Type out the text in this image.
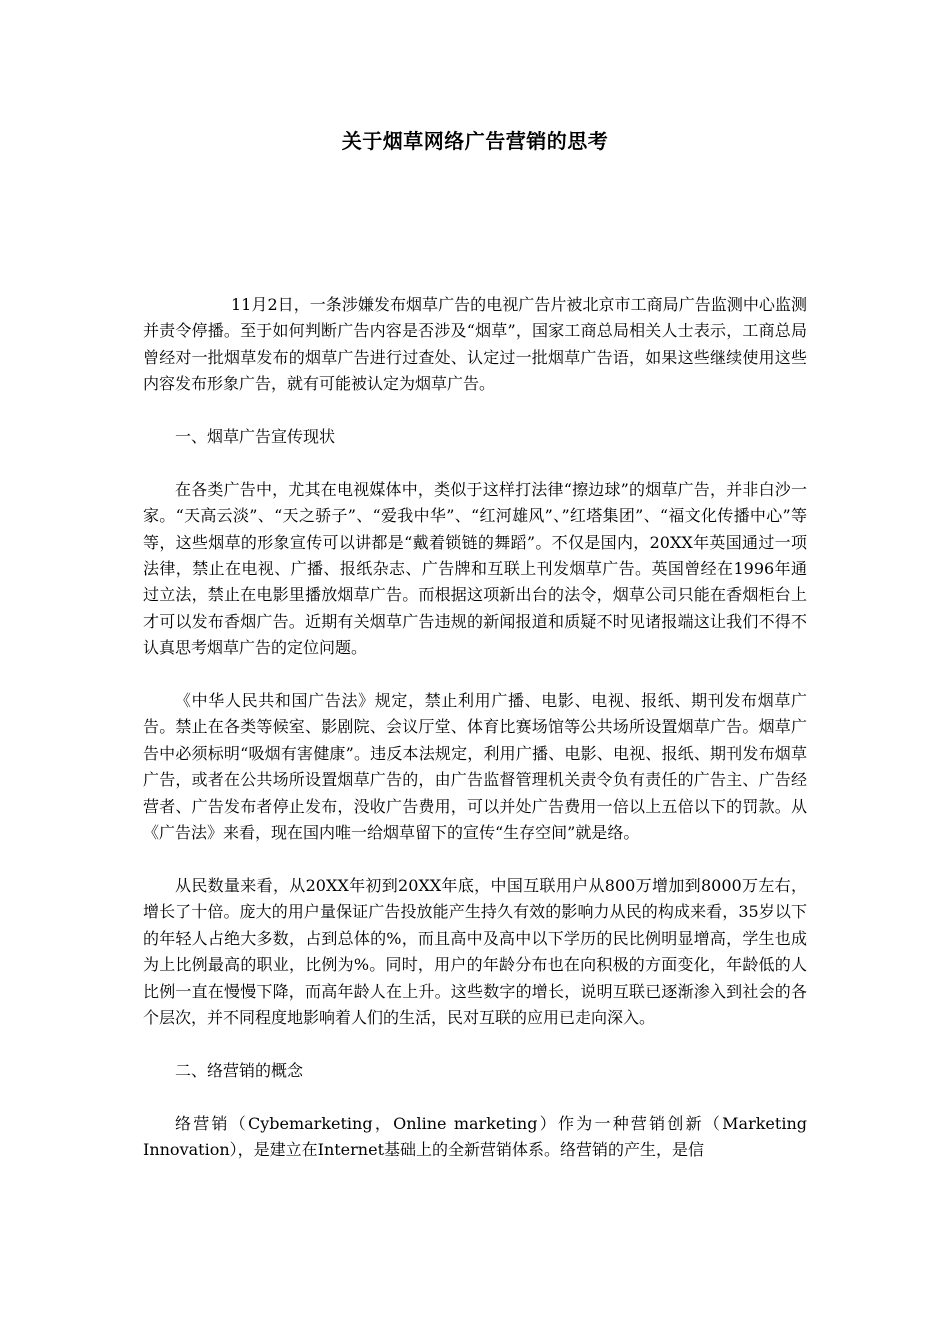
关于烟草网络广告营销的思考

11月2日，一条涉嫌发布烟草广告的电视广告片被北京市工商局广告监测中心监测并责令停播。至于如何判断广告内容是否涉及“烟草”，国家工商总局相关人士表示，工商总局曾经对一批烟草发布的烟草广告进行过查处、认定过一批烟草广告语，如果这些继续使用这些内容发布形象广告，就有可能被认定为烟草广告。

一、烟草广告宣传现状

在各类广告中，尤其在电视媒体中，类似于这样打法律“擦边球”的烟草广告，并非白沙一家。“天高云淡”、“天之骄子”、“爱我中华”、“红河雄风”、”红塔集团”、“福文化传播中心”等等，这些烟草的形象宣传可以讲都是“戴着锁链的舞蹈”。不仅是国内，20XX年英国通过一项法律，禁止在电视、广播、报纸杂志、广告牌和互联上刊发烟草广告。英国曾经在1996年通过立法，禁止在电影里播放烟草广告。而根据这项新出台的法令，烟草公司只能在香烟柜台上才可以发布香烟广告。近期有关烟草广告违规的新闻报道和质疑不时见诸报端这让我们不得不认真思考烟草广告的定位问题。

《中华人民共和国广告法》规定，禁止利用广播、电影、电视、报纸、期刊发布烟草广告。禁止在各类等候室、影剧院、会议厅堂、体育比赛场馆等公共场所设置烟草广告。烟草广告中必须标明“吸烟有害健康”。违反本法规定，利用广播、电影、电视、报纸、期刊发布烟草广告，或者在公共场所设置烟草广告的，由广告监督管理机关责令负有责任的广告主、广告经营者、广告发布者停止发布，没收广告费用，可以并处广告费用一倍以上五倍以下的罚款。从《广告法》来看，现在国内唯一给烟草留下的宣传“生存空间”就是络。

从民数量来看，从20XX年初到20XX年底，中国互联用户从800万增加到8000万左右，增长了十倍。庞大的用户量保证广告投放能产生持久有效的影响力从民的构成来看，35岁以下的年轻人占绝大多数，占到总体的%，而且高中及高中以下学历的民比例明显增高，学生也成为上比例最高的职业，比例为%。同时，用户的年龄分布也在向积极的方面变化，年龄低的人比例一直在慢慢下降，而高年龄人在上升。这些数字的增长，说明互联已逐渐渗入到社会的各个层次，并不同程度地影响着人们的生活，民对互联的应用已走向深入。

二、络营销的概念

络营销（Cybemarketing，Online marketing）作为一种营销创新（Marketing Innovation），是建立在Internet基础上的全新营销体系。络营销的产生，是信
